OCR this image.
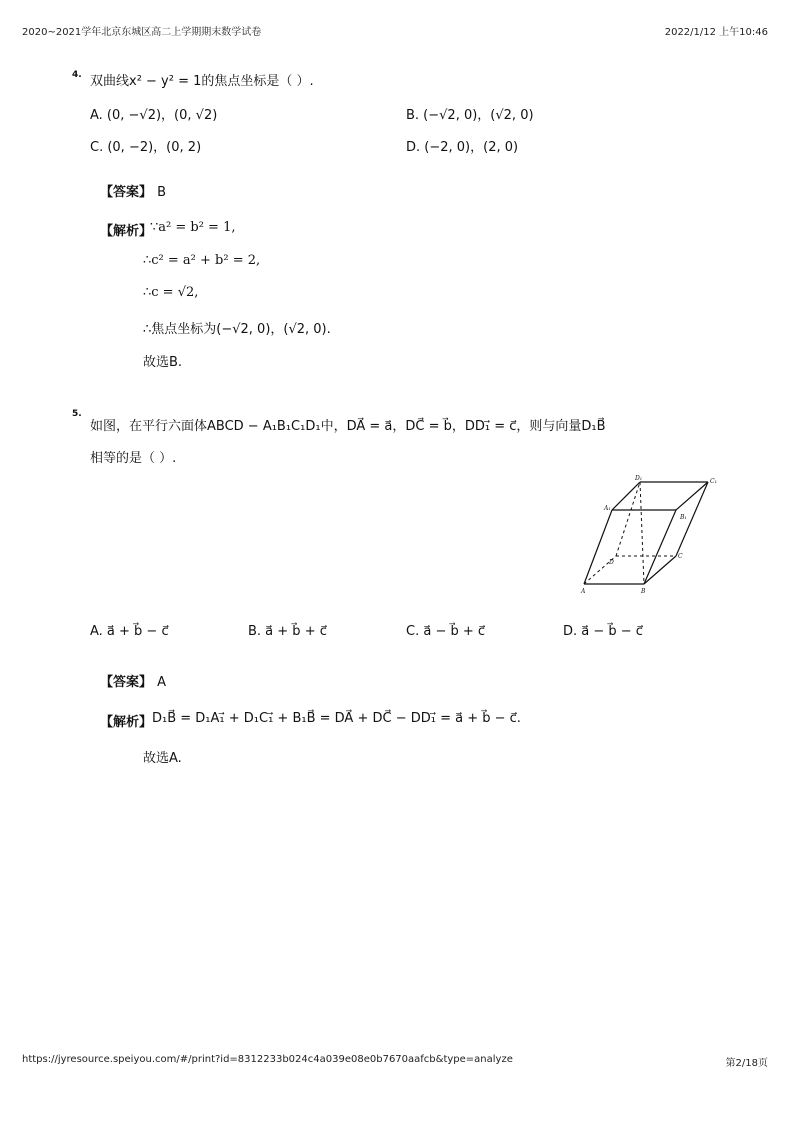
2020~2021学年北京东城区高二上学期期末数学试卷	2022/1/12 上午10:46
https://jyresource.speiyou.com/#/print?id=8312233b024c4a039e08e0b7670aafcb&type=analyze	第2/18页
4. 双曲线x² − y² = 1的焦点坐标是（ ）.
A. (0, −√2)，(0, √2)	B. (−√2, 0)，(√2, 0)
C. (0, −2)，(0, 2)	D. (−2, 0)，(2, 0)
【答案】 B
【解析】
∵a² = b² = 1,
∴c² = a² + b² = 2,
∴c = √2,
∴焦点坐标为(−√2, 0)，(√2, 0).
故选B.
5.
如图，在平行六面体ABCD − A₁B₁C₁D₁中，DA⃗ = a⃗，DC⃗ = b⃗，DD₁⃗ = c⃗，则与向量D₁B⃗
相等的是（ ）.
D₁	C₁
A₁
B₁
D
C
A	B
A. a⃗ + b⃗ − c⃗	B. a⃗ + b⃗ + c⃗	C. a⃗ − b⃗ + c⃗	D. a⃗ − b⃗ − c⃗
【答案】 A
【解析】 D₁B⃗ = D₁A₁⃗ + D₁C₁⃗ + B₁B⃗ = DA⃗ + DC⃗ − DD₁⃗ = a⃗ + b⃗ − c⃗.
故选A.
